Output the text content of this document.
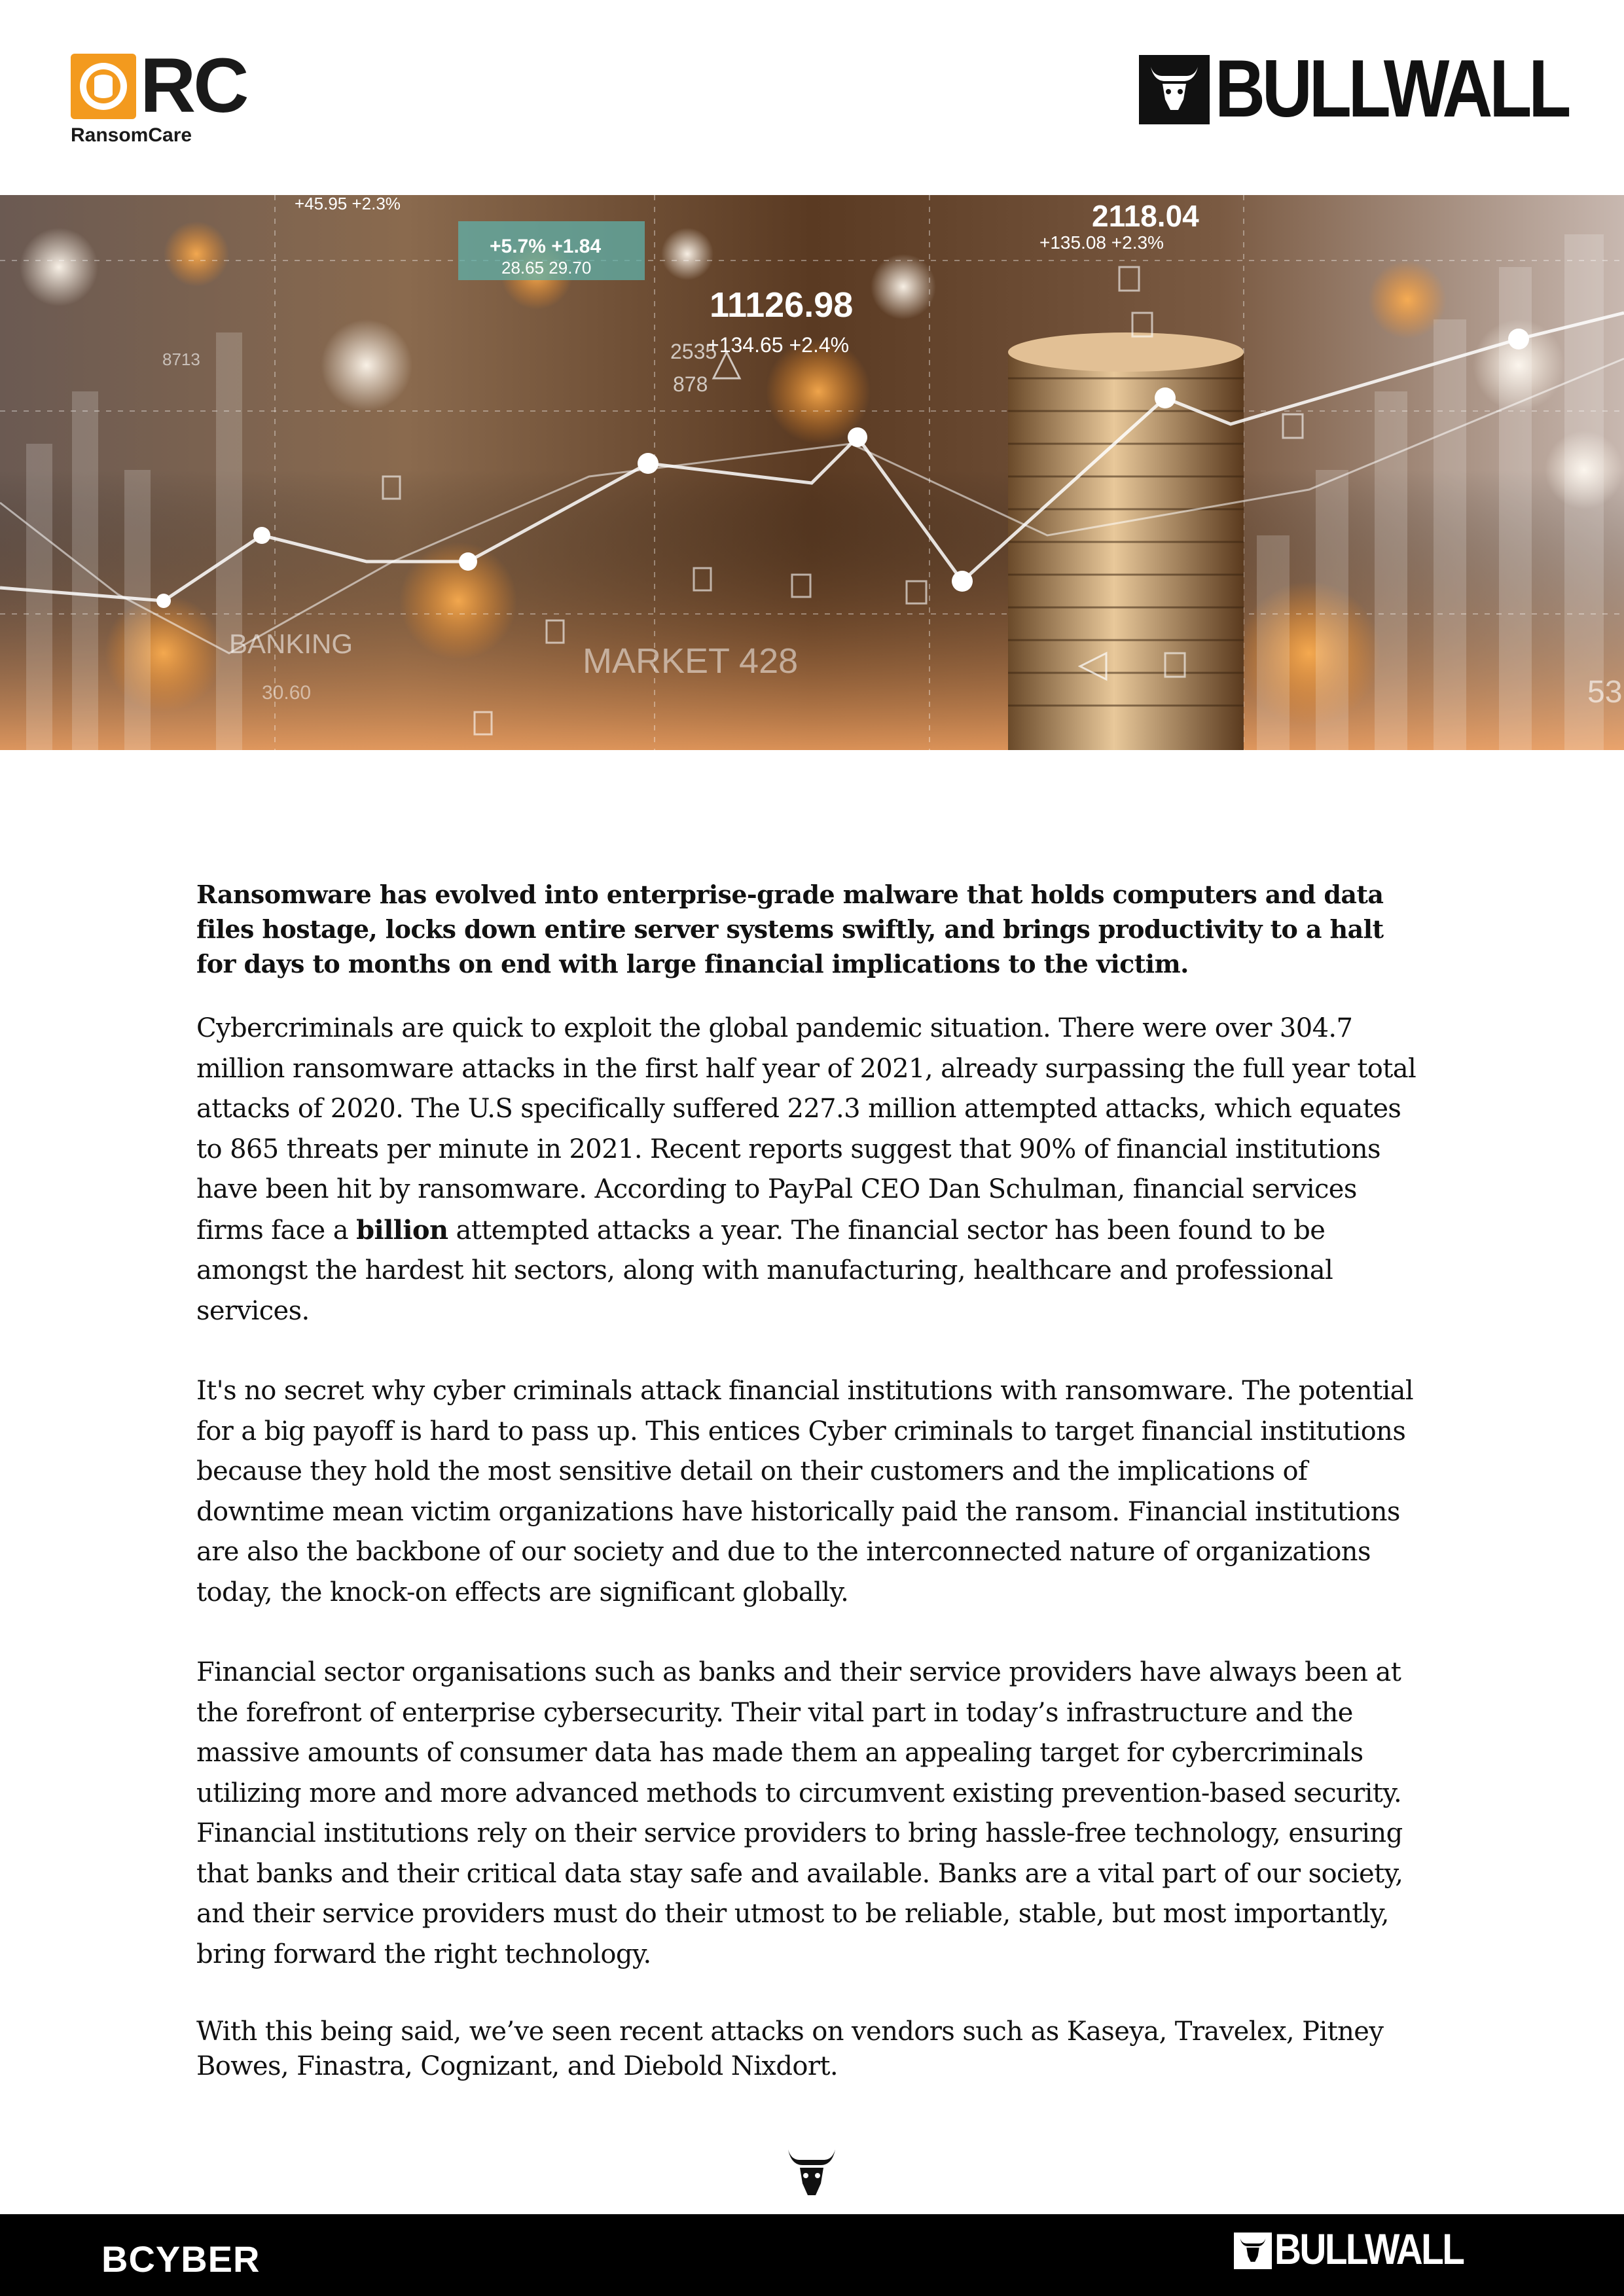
RC
RansomCare
BULLWALL
+5.7% +1.84
28.65 29.70
+45.95 +2.3%
11126.98
+134.65 +2.4%
2118.04
+135.08 +2.3%
2535
878
8713
BANKING
30.60
MARKET 428
53

Ransomware has evolved into enterprise-grade malware that holds computers and data files hostage, locks down entire server systems swiftly, and brings productivity to a halt for days to months on end with large financial implications to the victim.

Cybercriminals are quick to exploit the global pandemic situation. There were over 304.7 million ransomware attacks in the first half year of 2021, already surpassing the full year total attacks of 2020. The U.S specifically suffered 227.3 million attempted attacks, which equates to 865 threats per minute in 2021. Recent reports suggest that 90% of financial institutions have been hit by ransomware. According to PayPal CEO Dan Schulman, financial services firms face a billion attempted attacks a year. The financial sector has been found to be amongst the hardest hit sectors, along with manufacturing, healthcare and professional services.

It's no secret why cyber criminals attack financial institutions with ransomware. The potential for a big payoff is hard to pass up. This entices Cyber criminals to target financial institutions because they hold the most sensitive detail on their customers and the implications of downtime mean victim organizations have historically paid the ransom. Financial institutions are also the backbone of our society and due to the interconnected nature of organizations today, the knock-on effects are significant globally.

Financial sector organisations such as banks and their service providers have always been at the forefront of enterprise cybersecurity. Their vital part in today’s infrastructure and the massive amounts of consumer data has made them an appealing target for cybercriminals utilizing more and more advanced methods to circumvent existing prevention-based security. Financial institutions rely on their service providers to bring hassle-free technology, ensuring that banks and their critical data stay safe and available. Banks are a vital part of our society, and their service providers must do their utmost to be reliable, stable, but most importantly, bring forward the right technology.

With this being said, we’ve seen recent attacks on vendors such as Kaseya, Travelex, Pitney Bowes, Finastra, Cognizant, and Diebold Nixdort.

BCYBER	BULLWALL
